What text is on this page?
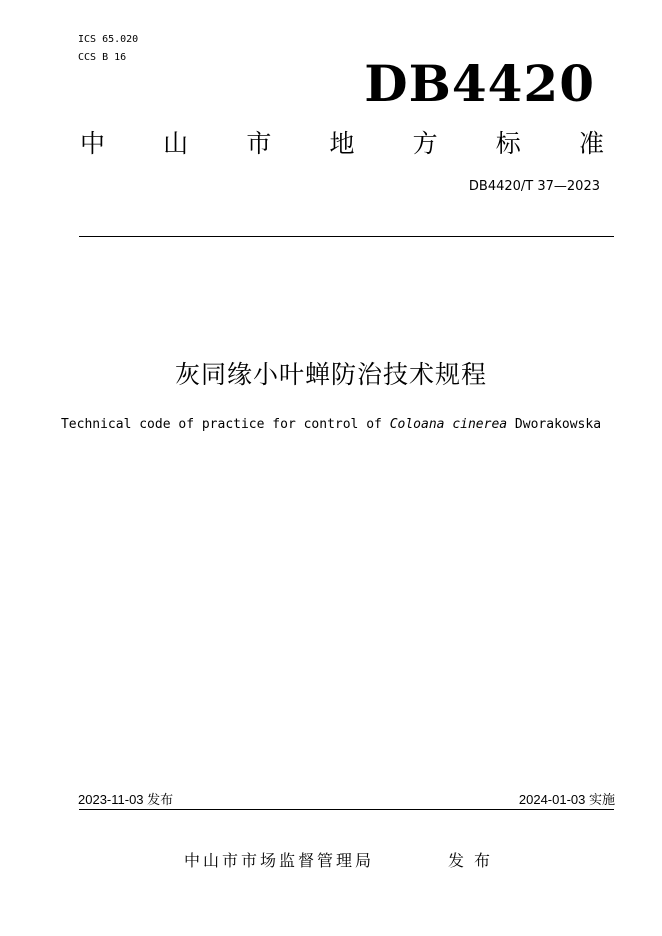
ICS 65.020
CCS B 16	DB4420
中 山 市 地 方 标 准
DB4420/T 37—2023
灰同缘小叶蝉防治技术规程
Technical code of practice for control of Coloana cinerea Dworakowska
2023-11-03 发布	2024-01-03 实施
中山市市场监督管理局	发布
